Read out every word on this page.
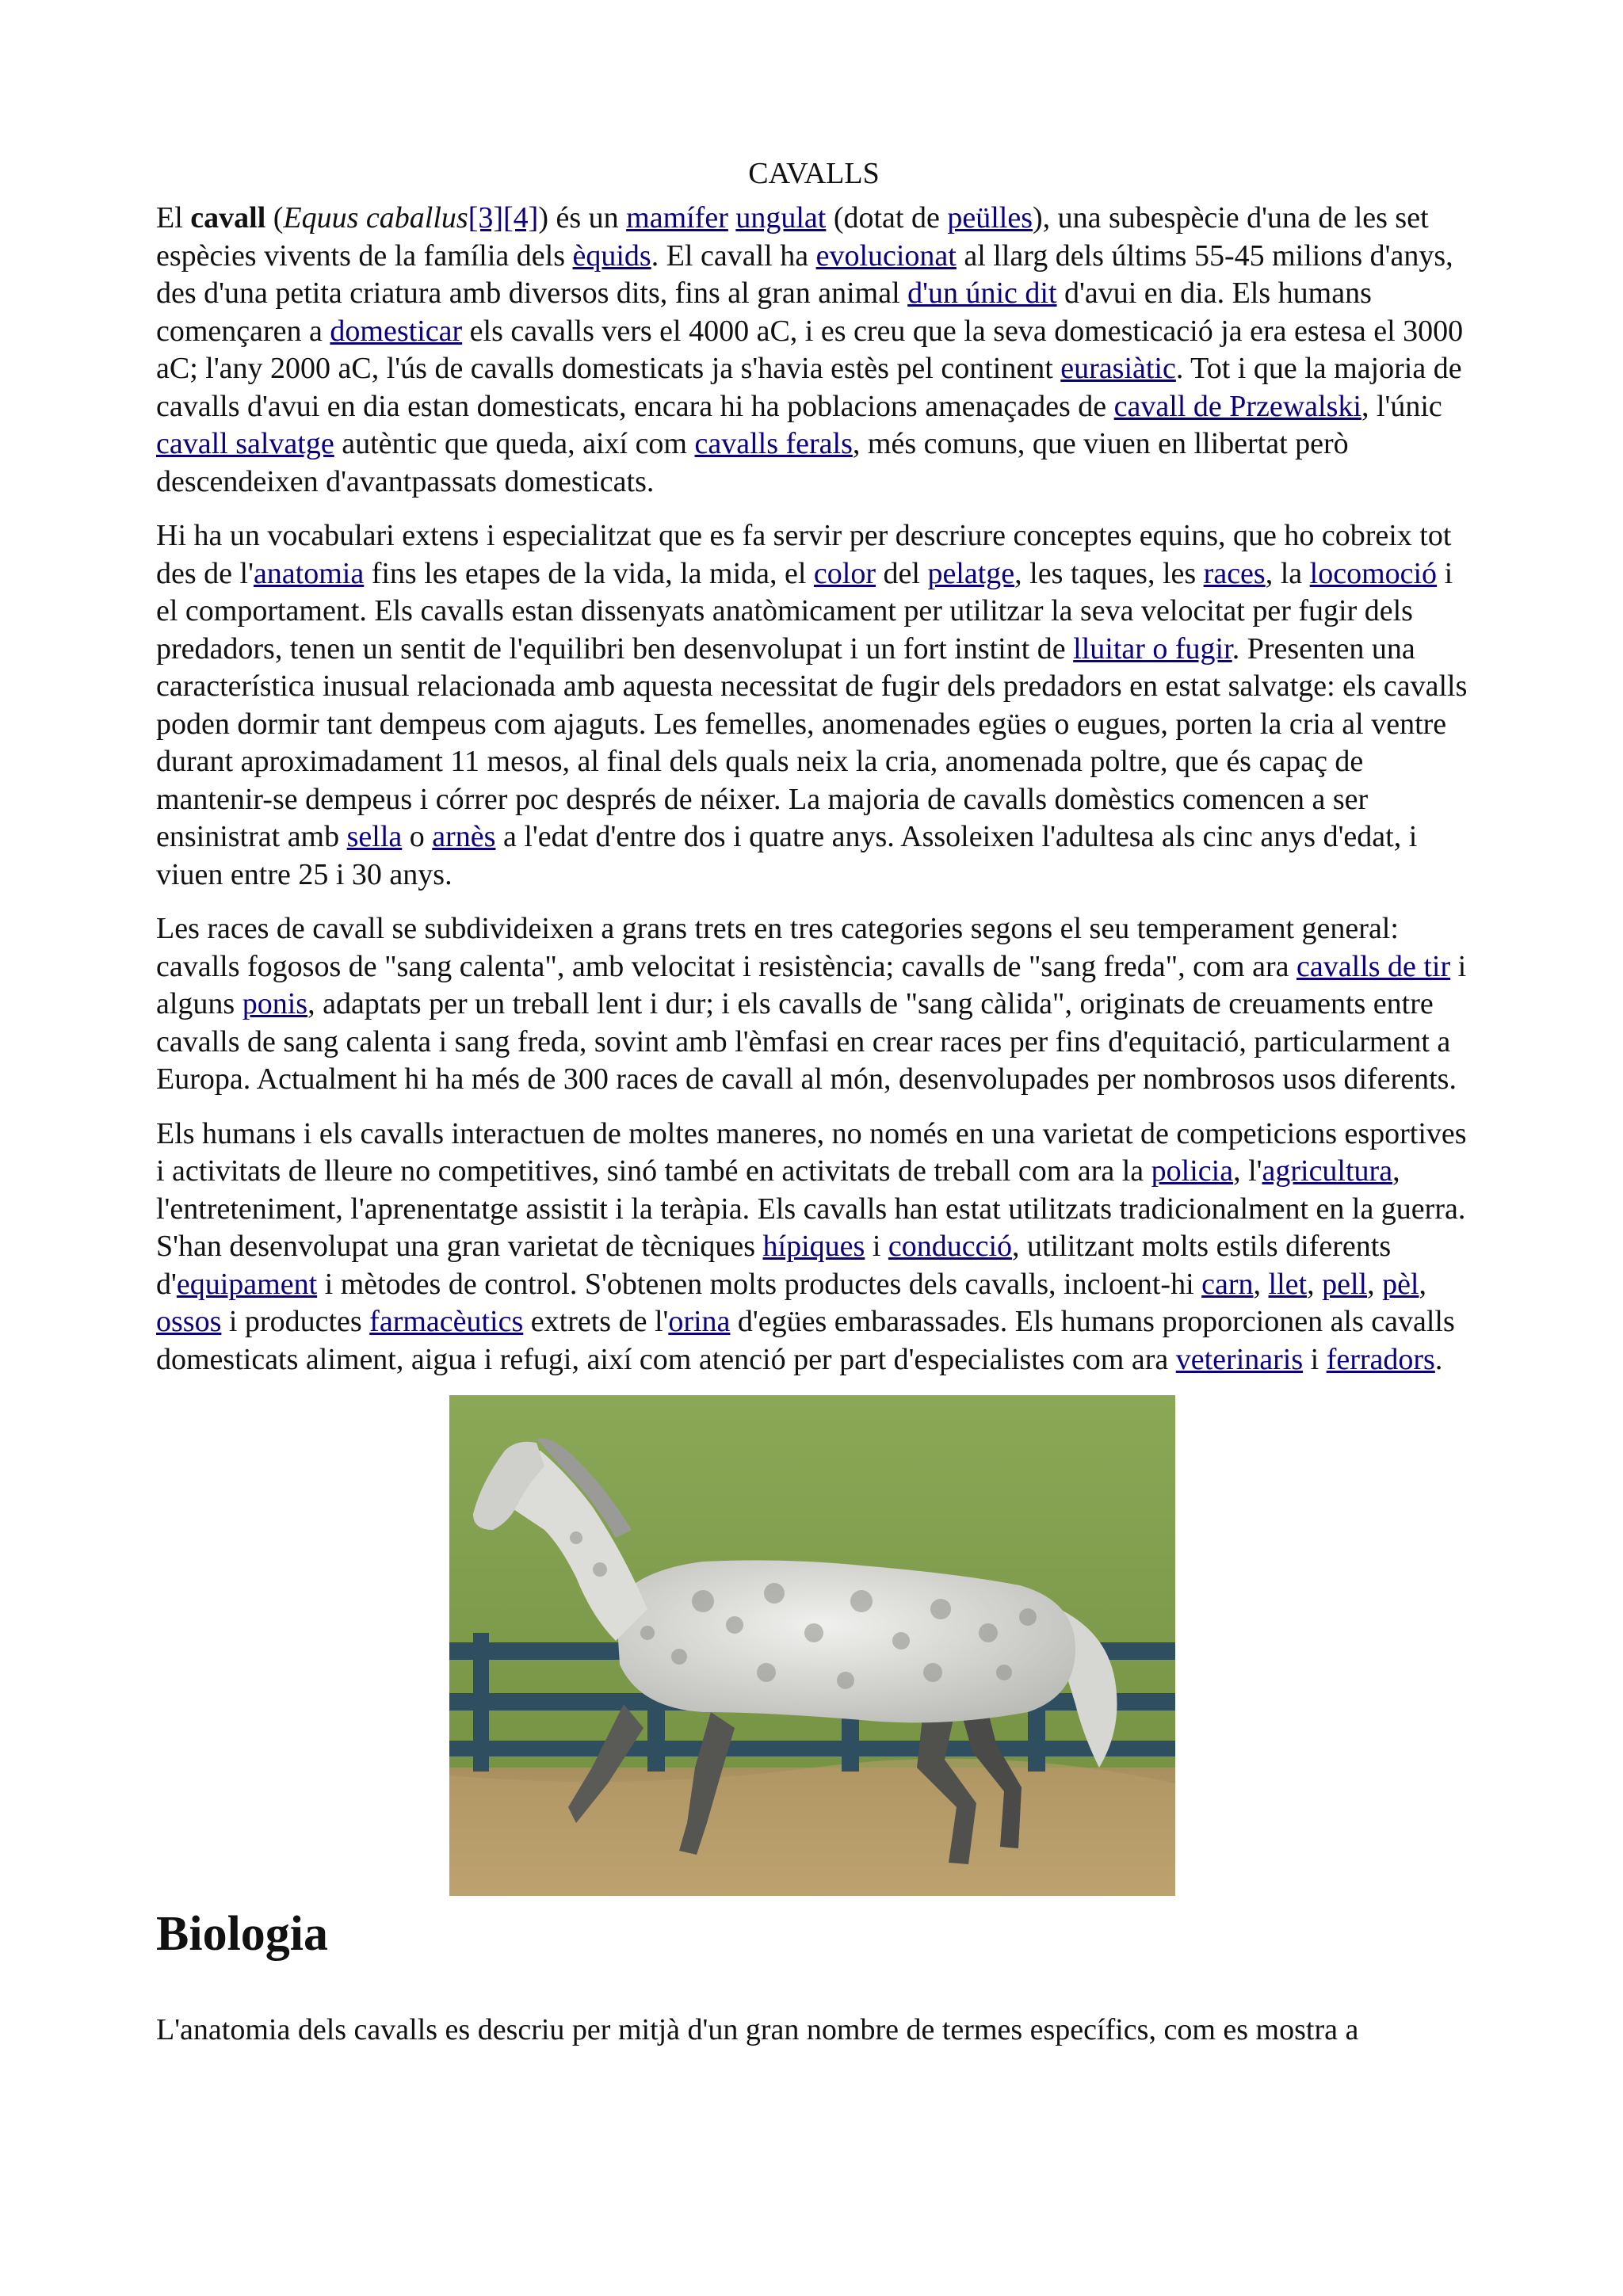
CAVALLS

El cavall (Equus caballus[3][4]) és un mamífer ungulat (dotat de peülles), una subespècie d'una de les set espècies vivents de la família dels èquids. El cavall ha evolucionat al llarg dels últims 55-45 milions d'anys, des d'una petita criatura amb diversos dits, fins al gran animal d'un únic dit d'avui en dia. Els humans començaren a domesticar els cavalls vers el 4000 aC, i es creu que la seva domesticació ja era estesa el 3000 aC; l'any 2000 aC, l'ús de cavalls domesticats ja s'havia estès pel continent eurasiàtic. Tot i que la majoria de cavalls d'avui en dia estan domesticats, encara hi ha poblacions amenaçades de cavall de Przewalski, l'únic cavall salvatge autèntic que queda, així com cavalls ferals, més comuns, que viuen en llibertat però descendeixen d'avantpassats domesticats.

Hi ha un vocabulari extens i especialitzat que es fa servir per descriure conceptes equins, que ho cobreix tot des de l'anatomia fins les etapes de la vida, la mida, el color del pelatge, les taques, les races, la locomoció i el comportament. Els cavalls estan dissenyats anatòmicament per utilitzar la seva velocitat per fugir dels predadors, tenen un sentit de l'equilibri ben desenvolupat i un fort instint de lluitar o fugir. Presenten una característica inusual relacionada amb aquesta necessitat de fugir dels predadors en estat salvatge: els cavalls poden dormir tant dempeus com ajaguts. Les femelles, anomenades egües o eugues, porten la cria al ventre durant aproximadament 11 mesos, al final dels quals neix la cria, anomenada poltre, que és capaç de mantenir-se dempeus i córrer poc després de néixer. La majoria de cavalls domèstics comencen a ser ensinistrat amb sella o arnès a l'edat d'entre dos i quatre anys. Assoleixen l'adultesa als cinc anys d'edat, i viuen entre 25 i 30 anys.

Les races de cavall se subdivideixen a grans trets en tres categories segons el seu temperament general: cavalls fogosos de "sang calenta", amb velocitat i resistència; cavalls de "sang freda", com ara cavalls de tir i alguns ponis, adaptats per un treball lent i dur; i els cavalls de "sang càlida", originats de creuaments entre cavalls de sang calenta i sang freda, sovint amb l'èmfasi en crear races per fins d'equitació, particularment a Europa. Actualment hi ha més de 300 races de cavall al món, desenvolupades per nombrosos usos diferents.

Els humans i els cavalls interactuen de moltes maneres, no només en una varietat de competicions esportives i activitats de lleure no competitives, sinó també en activitats de treball com ara la policia, l'agricultura, l'entreteniment, l'aprenentatge assistit i la teràpia. Els cavalls han estat utilitzats tradicionalment en la guerra. S'han desenvolupat una gran varietat de tècniques hípiques i conducció, utilitzant molts estils diferents d'equipament i mètodes de control. S'obtenen molts productes dels cavalls, incloent-hi carn, llet, pell, pèl, ossos i productes farmacèutics extrets de l'orina d'egües embarassades. Els humans proporcionen als cavalls domesticats aliment, aigua i refugi, així com atenció per part d'especialistes com ara veterinaris i ferradors.

Biologia

L'anatomia dels cavalls es descriu per mitjà d'un gran nombre de termes específics, com es mostra a
